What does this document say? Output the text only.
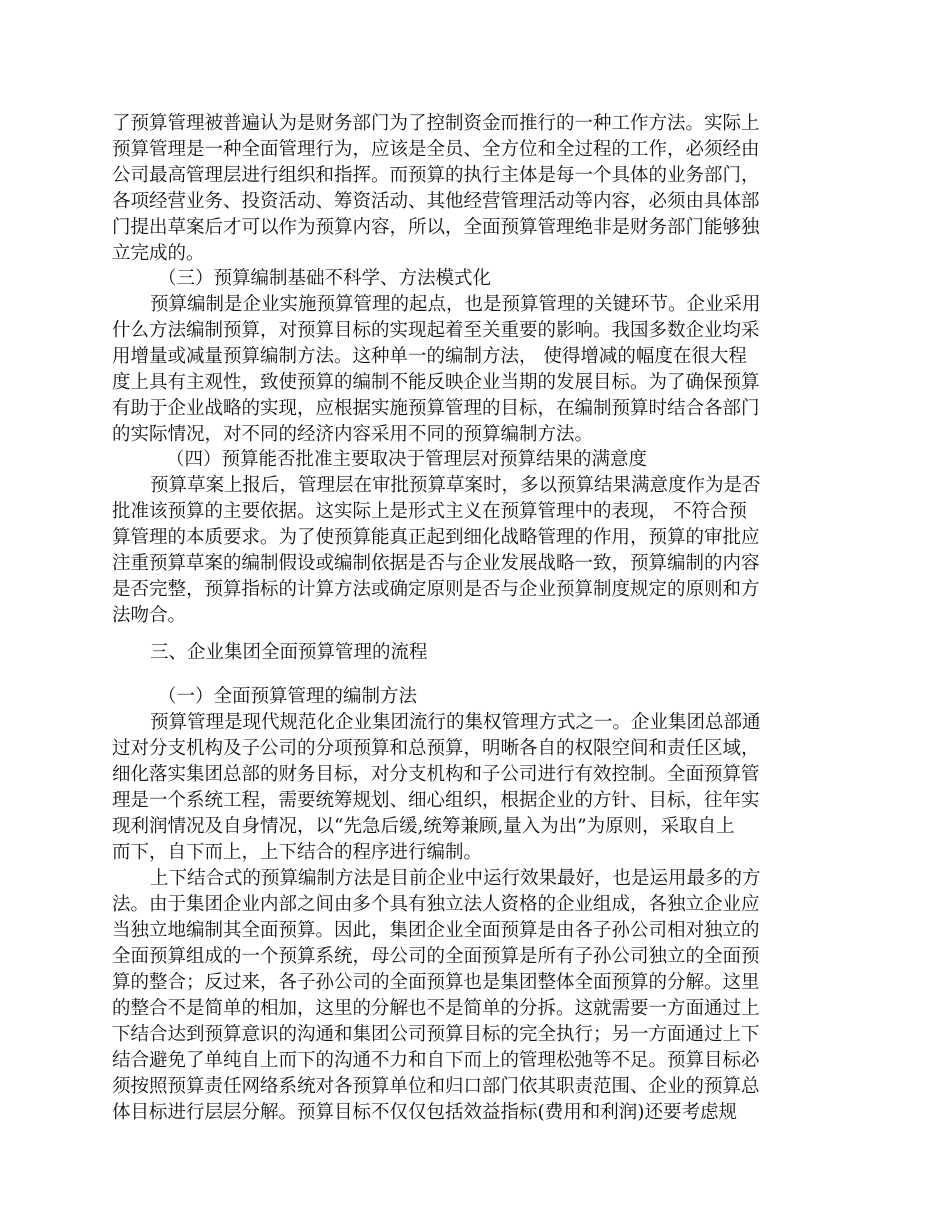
了预算管理被普遍认为是财务部门为了控制资金而推行的一种工作方法。实际上
预算管理是一种全面管理行为，应该是全员、全方位和全过程的工作，必须经由
公司最高管理层进行组织和指挥。而预算的执行主体是每一个具体的业务部门，
各项经营业务、投资活动、筹资活动、其他经营管理活动等内容，必须由具体部
门提出草案后才可以作为预算内容，所以，全面预算管理绝非是财务部门能够独
立完成的。
（三）预算编制基础不科学、方法模式化
预算编制是企业实施预算管理的起点，也是预算管理的关键环节。企业采用
什么方法编制预算，对预算目标的实现起着至关重要的影响。我国多数企业均采
用增量或减量预算编制方法。这种单一的编制方法， 使得增减的幅度在很大程
度上具有主观性，致使预算的编制不能反映企业当期的发展目标。为了确保预算
有助于企业战略的实现，应根据实施预算管理的目标，在编制预算时结合各部门
的实际情况，对不同的经济内容采用不同的预算编制方法。
（四）预算能否批准主要取决于管理层对预算结果的满意度
预算草案上报后，管理层在审批预算草案时，多以预算结果满意度作为是否
批准该预算的主要依据。这实际上是形式主义在预算管理中的表现， 不符合预
算管理的本质要求。为了使预算能真正起到细化战略管理的作用，预算的审批应
注重预算草案的编制假设或编制依据是否与企业发展战略一致，预算编制的内容
是否完整，预算指标的计算方法或确定原则是否与企业预算制度规定的原则和方
法吻合。
三、企业集团全面预算管理的流程
（一）全面预算管理的编制方法
预算管理是现代规范化企业集团流行的集权管理方式之一。企业集团总部通
过对分支机构及子公司的分项预算和总预算，明晰各自的权限空间和责任区域，
细化落实集团总部的财务目标，对分支机构和子公司进行有效控制。全面预算管
理是一个系统工程，需要统筹规划、细心组织，根据企业的方针、目标，往年实
现利润情况及自身情况，以“先急后缓,统筹兼顾,量入为出”为原则，采取自上
而下，自下而上，上下结合的程序进行编制。
上下结合式的预算编制方法是目前企业中运行效果最好，也是运用最多的方
法。由于集团企业内部之间由多个具有独立法人资格的企业组成，各独立企业应
当独立地编制其全面预算。因此，集团企业全面预算是由各子孙公司相对独立的
全面预算组成的一个预算系统，母公司的全面预算是所有子孙公司独立的全面预
算的整合；反过来，各子孙公司的全面预算也是集团整体全面预算的分解。这里
的整合不是简单的相加，这里的分解也不是简单的分拆。这就需要一方面通过上
下结合达到预算意识的沟通和集团公司预算目标的完全执行；另一方面通过上下
结合避免了单纯自上而下的沟通不力和自下而上的管理松弛等不足。预算目标必
须按照预算责任网络系统对各预算单位和归口部门依其职责范围、企业的预算总
体目标进行层层分解。预算目标不仅仅包括效益指标(费用和利润)还要考虑规
